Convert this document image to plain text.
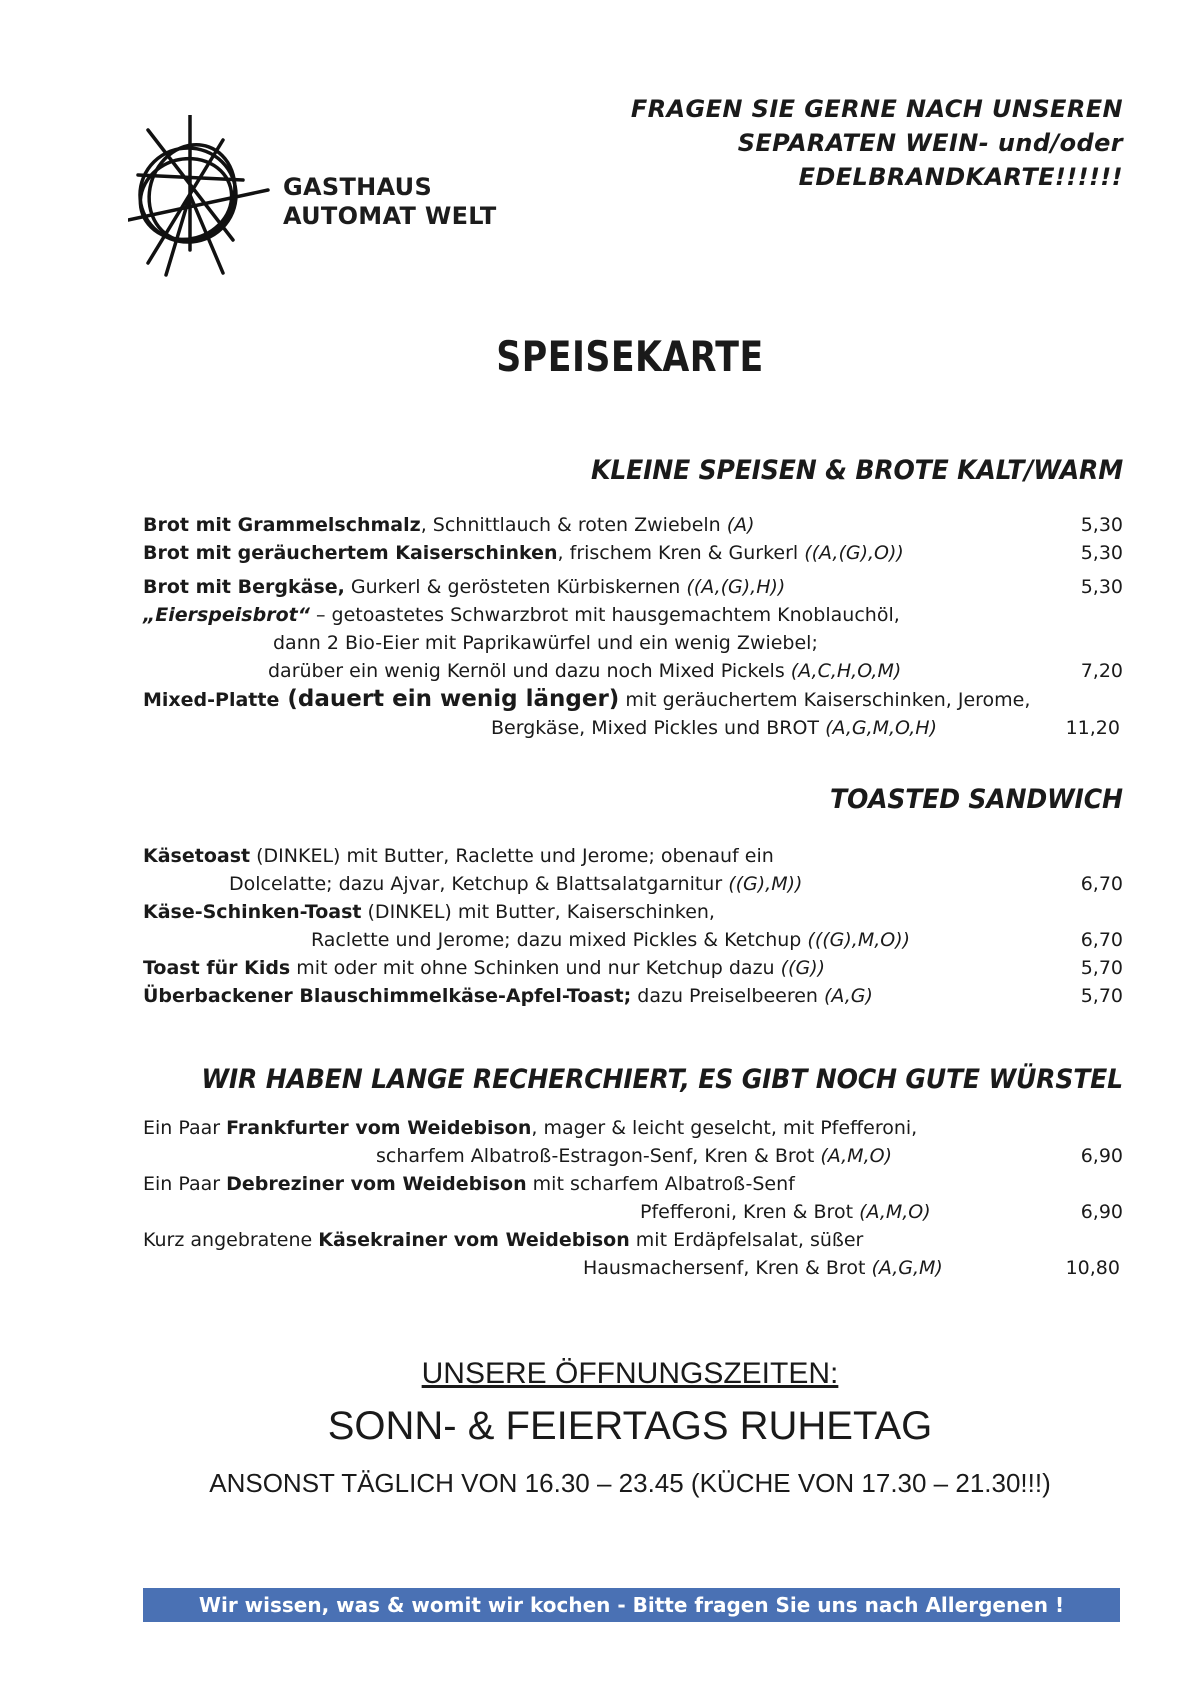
GASTHAUS
AUTOMAT WELT
FRAGEN SIE GERNE NACH UNSEREN
SEPARATEN WEIN- und/oder
EDELBRANDKARTE!!!!!!
SPEISEKARTE
KLEINE SPEISEN & BROTE KALT/WARM
Brot mit Grammelschmalz, Schnittlauch & roten Zwiebeln (A)	5,30
Brot mit geräuchertem Kaiserschinken, frischem Kren & Gurkerl ((A,(G),O))	5,30
Brot mit Bergkäse, Gurkerl & gerösteten Kürbiskernen ((A,(G),H))	5,30
„Eierspeisbrot“ – getoastetes Schwarzbrot mit hausgemachtem Knoblauchöl,
dann 2 Bio-Eier mit Paprikawürfel und ein wenig Zwiebel;
darüber ein wenig Kernöl und dazu noch Mixed Pickels (A,C,H,O,M)	7,20
Mixed-Platte (dauert ein wenig länger) mit geräuchertem Kaiserschinken, Jerome,
Bergkäse, Mixed Pickles und BROT (A,G,M,O,H)	11,20
TOASTED SANDWICH
Käsetoast (DINKEL) mit Butter, Raclette und Jerome; obenauf ein
Dolcelatte; dazu Ajvar, Ketchup & Blattsalatgarnitur ((G),M))	6,70
Käse-Schinken-Toast (DINKEL) mit Butter, Kaiserschinken,
Raclette und Jerome; dazu mixed Pickles & Ketchup (((G),M,O))	6,70
Toast für Kids mit oder mit ohne Schinken und nur Ketchup dazu ((G))	5,70
Überbackener Blauschimmelkäse-Apfel-Toast; dazu Preiselbeeren (A,G)	5,70
WIR HABEN LANGE RECHERCHIERT, ES GIBT NOCH GUTE WÜRSTEL
Ein Paar Frankfurter vom Weidebison, mager & leicht geselcht, mit Pfefferoni,
scharfem Albatroß-Estragon-Senf, Kren & Brot (A,M,O)	6,90
Ein Paar Debreziner vom Weidebison mit scharfem Albatroß-Senf
Pfefferoni, Kren & Brot (A,M,O)	6,90
Kurz angebratene Käsekrainer vom Weidebison mit Erdäpfelsalat, süßer
Hausmachersenf, Kren & Brot (A,G,M)	10,80
UNSERE ÖFFNUNGSZEITEN:
SONN- & FEIERTAGS RUHETAG
ANSONST TÄGLICH VON 16.30 – 23.45 (KÜCHE VON 17.30 – 21.30!!!)
Wir wissen, was & womit wir kochen - Bitte fragen Sie uns nach Allergenen !
